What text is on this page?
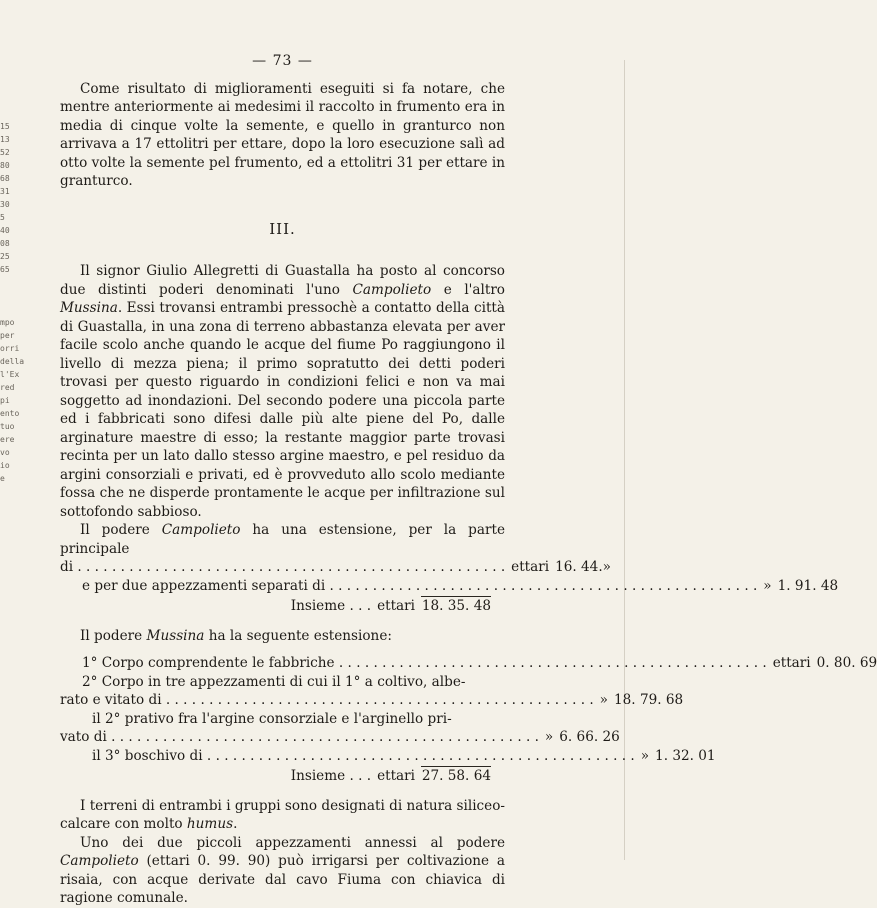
15
13
52
80
68
31
30
5
40
08
25
65
mpo
per
orri
della
l'Ex
red
pi
ento
tuo
ere
vo
io
e
— 73 —

Come risultato di miglioramenti eseguiti si fa notare, che mentre anteriormente ai medesimi il raccolto in frumento era in media di cinque volte la semente, e quello in granturco non arrivava a 17 ettolitri per ettare, dopo la loro esecuzione salì ad otto volte la semente pel frumento, ed a ettolitri 31 per ettare in granturco.

III.

Il signor Giulio Allegretti di Guastalla ha posto al concorso due distinti poderi denominati l'uno Campolieto e l'altro Mussina. Essi trovansi entrambi pressochè a contatto della città di Guastalla, in una zona di terreno abbastanza elevata per aver facile scolo anche quando le acque del fiume Po raggiungono il livello di mezza piena; il primo sopratutto dei detti poderi trovasi per questo riguardo in condizioni felici e non va mai soggetto ad inondazioni. Del secondo podere una piccola parte ed i fabbricati sono difesi dalle più alte piene del Po, dalle arginature maestre di esso; la restante maggior parte trovasi recinta per un lato dallo stesso argine maestro, e pel residuo da argini consorziali e privati, ed è provveduto allo scolo mediante fossa che ne disperde prontamente le acque per infiltrazione sul sottofondo sabbioso.

Il podere Campolieto ha una estensione, per la parte principale

di . . .	ettari 16. 44. »
e per due appezzamenti separati di . . .	» 1. 91. 48
Insieme . . . ettari 18. 35. 48

Il podere Mussina ha la seguente estensione:

1° Corpo comprendente le fabbriche . . .	ettari 0. 80. 69

2° Corpo in tre appezzamenti di cui il 1° a coltivo, albe-

rato e vitato di . . .	» 18. 79. 68

il 2° prativo fra l'argine consorziale e l'arginello pri-

vato di . . .	» 6. 66. 26
il 3° boschivo di . . .	» 1. 32. 01
Insieme . . . ettari 27. 58. 64

I terreni di entrambi i gruppi sono designati di natura siliceo-calcare con molto humus.

Uno dei due piccoli appezzamenti annessi al podere Campolieto (ettari 0. 99. 90) può irrigarsi per coltivazione a risaia, con acque derivate dal cavo Fiuma con chiavica di ragione comunale.
